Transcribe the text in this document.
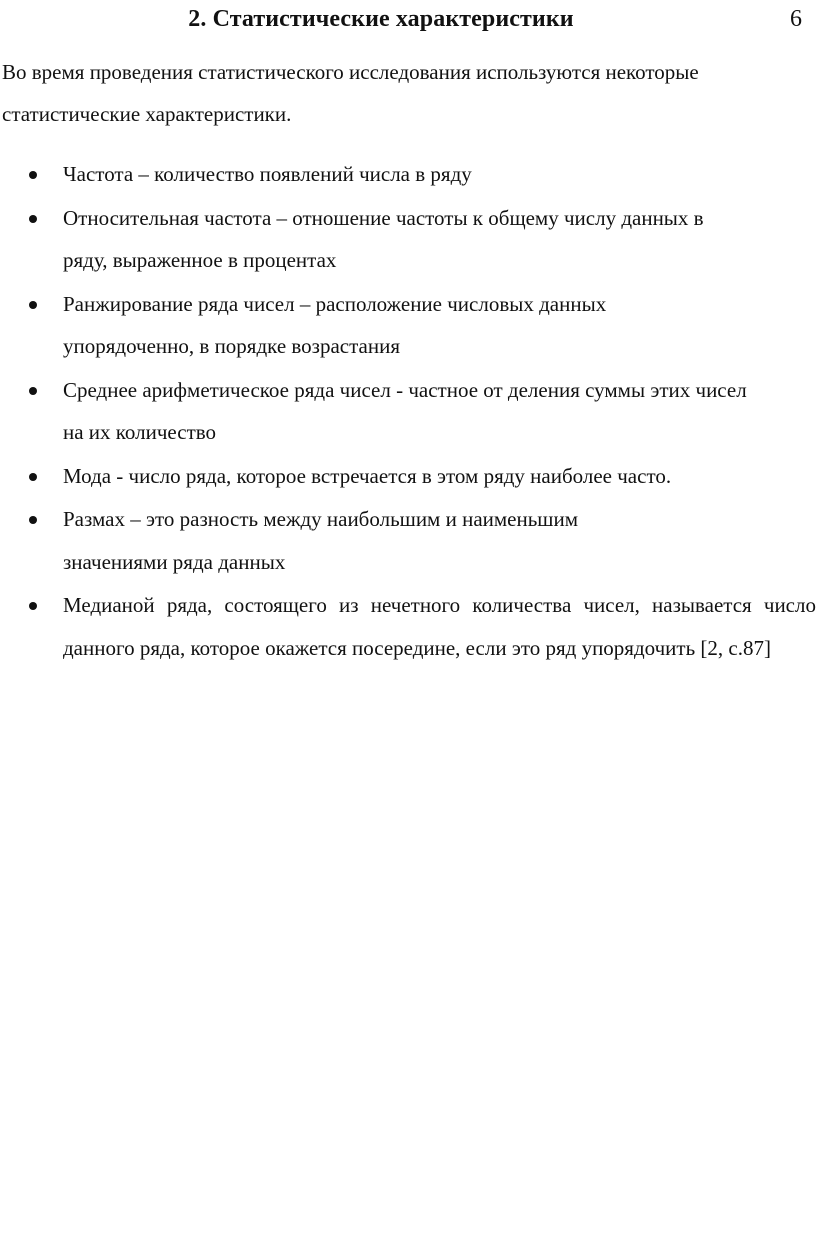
2. Статистические характеристики	6

Во время проведения статистического исследования используются некоторые статистические характеристики.

Частота – количество появлений числа в ряду
Относительная частота – отношение частоты к общему числу данных в ряду, выраженное в процентах
Ранжирование ряда чисел – расположение числовых данных упорядоченно, в порядке возрастания
Среднее арифметическое ряда чисел - частное от деления суммы этих чисел на их количество
Мода - число ряда, которое встречается в этом ряду наиболее часто.
Размах – это разность между наибольшим и наименьшим значениями ряда данных
Медианой ряда, состоящего из нечетного количества чисел, называется число данного ряда, которое окажется посередине, если это ряд упорядочить [2, с.87]
